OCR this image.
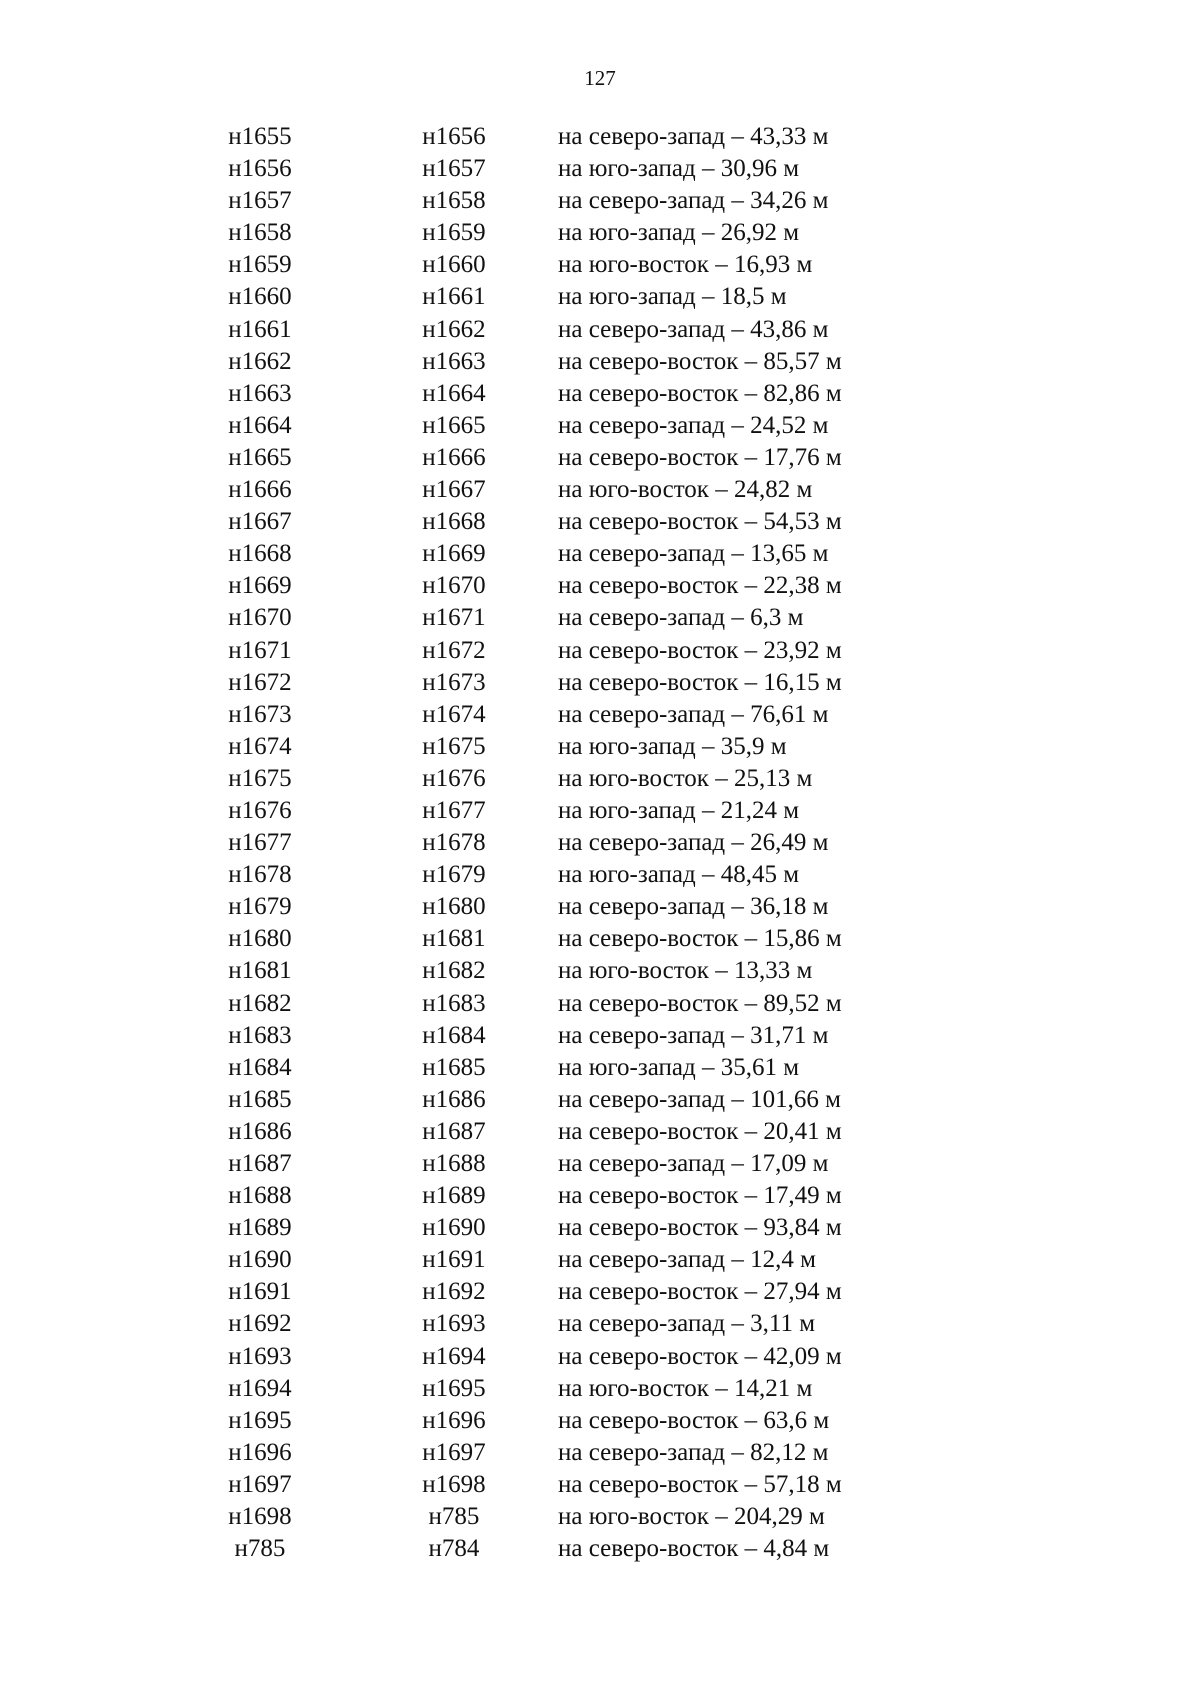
127
н1655	н1656	на северо-запад – 43,33 м
н1656	н1657	на юго-запад – 30,96 м
н1657	н1658	на северо-запад – 34,26 м
н1658	н1659	на юго-запад – 26,92 м
н1659	н1660	на юго-восток – 16,93 м
н1660	н1661	на юго-запад – 18,5 м
н1661	н1662	на северо-запад – 43,86 м
н1662	н1663	на северо-восток – 85,57 м
н1663	н1664	на северо-восток – 82,86 м
н1664	н1665	на северо-запад – 24,52 м
н1665	н1666	на северо-восток – 17,76 м
н1666	н1667	на юго-восток – 24,82 м
н1667	н1668	на северо-восток – 54,53 м
н1668	н1669	на северо-запад – 13,65 м
н1669	н1670	на северо-восток – 22,38 м
н1670	н1671	на северо-запад – 6,3 м
н1671	н1672	на северо-восток – 23,92 м
н1672	н1673	на северо-восток – 16,15 м
н1673	н1674	на северо-запад – 76,61 м
н1674	н1675	на юго-запад – 35,9 м
н1675	н1676	на юго-восток – 25,13 м
н1676	н1677	на юго-запад – 21,24 м
н1677	н1678	на северо-запад – 26,49 м
н1678	н1679	на юго-запад – 48,45 м
н1679	н1680	на северо-запад – 36,18 м
н1680	н1681	на северо-восток – 15,86 м
н1681	н1682	на юго-восток – 13,33 м
н1682	н1683	на северо-восток – 89,52 м
н1683	н1684	на северо-запад – 31,71 м
н1684	н1685	на юго-запад – 35,61 м
н1685	н1686	на северо-запад – 101,66 м
н1686	н1687	на северо-восток – 20,41 м
н1687	н1688	на северо-запад – 17,09 м
н1688	н1689	на северо-восток – 17,49 м
н1689	н1690	на северо-восток – 93,84 м
н1690	н1691	на северо-запад – 12,4 м
н1691	н1692	на северо-восток – 27,94 м
н1692	н1693	на северо-запад – 3,11 м
н1693	н1694	на северо-восток – 42,09 м
н1694	н1695	на юго-восток – 14,21 м
н1695	н1696	на северо-восток – 63,6 м
н1696	н1697	на северо-запад – 82,12 м
н1697	н1698	на северо-восток – 57,18 м
н1698	н785	на юго-восток – 204,29 м
н785	н784	на северо-восток – 4,84 м
